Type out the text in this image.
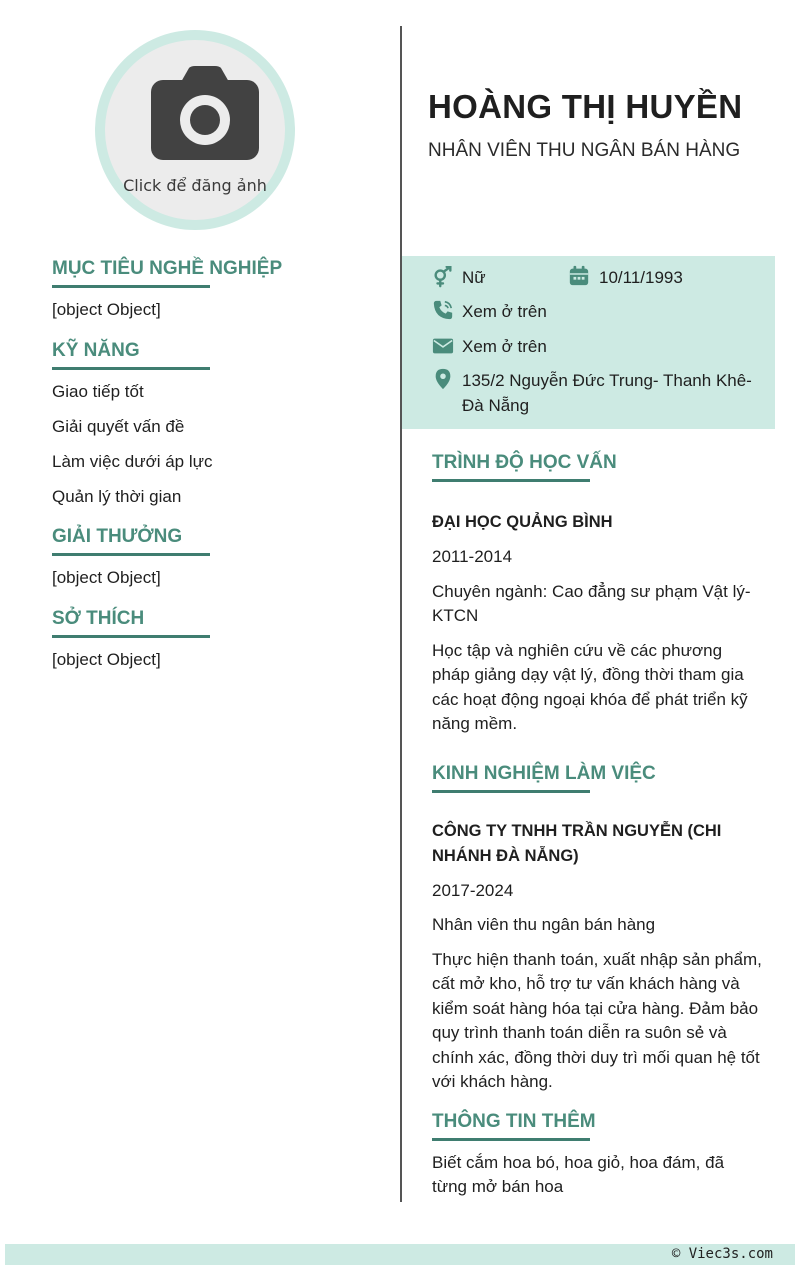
Click để đăng ảnh
HOÀNG THỊ HUYỀN
NHÂN VIÊN THU NGÂN BÁN HÀNG
MỤC TIÊU NGHỀ NGHIỆP
[object Object]
KỸ NĂNG
Giao tiếp tốt
Giải quyết vấn đề
Làm việc dưới áp lực
Quản lý thời gian
GIẢI THƯỞNG
[object Object]
SỞ THÍCH
[object Object]
Nữ	10/11/1993
Xem ở trên
Xem ở trên
135/2 Nguyễn Đức Trung- Thanh Khê- Đà Nẵng
TRÌNH ĐỘ HỌC VẤN
ĐẠI HỌC QUẢNG BÌNH

2011-2014

Chuyên ngành: Cao đẳng sư phạm Vật lý- KTCN

Học tập và nghiên cứu về các phương pháp giảng dạy vật lý, đồng thời tham gia các hoạt động ngoại khóa để phát triển kỹ năng mềm.

KINH NGHIỆM LÀM VIỆC
CÔNG TY TNHH TRẦN NGUYỄN (CHI NHÁNH ĐÀ NẴNG)

2017-2024

Nhân viên thu ngân bán hàng

Thực hiện thanh toán, xuất nhập sản phẩm, cất mở kho, hỗ trợ tư vấn khách hàng và kiểm soát hàng hóa tại cửa hàng. Đảm bảo quy trình thanh toán diễn ra suôn sẻ và chính xác, đồng thời duy trì mối quan hệ tốt với khách hàng.

THÔNG TIN THÊM

Biết cắm hoa bó, hoa giỏ, hoa đám, đã từng mở bán hoa

© Viec3s.com
